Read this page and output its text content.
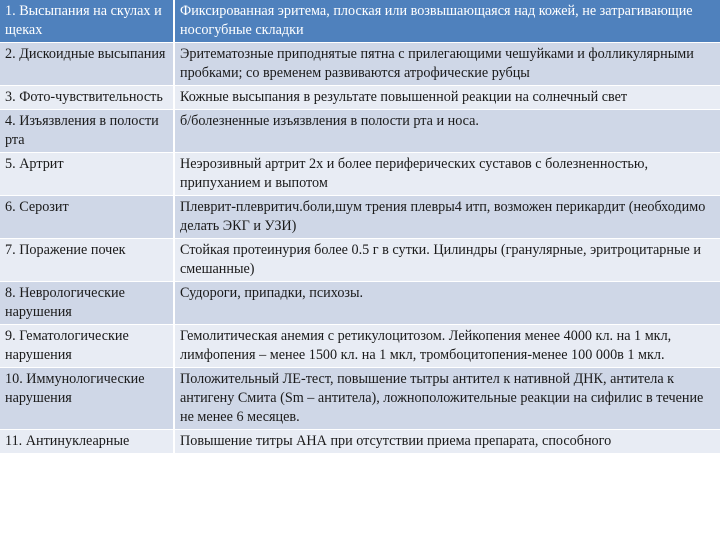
1. Высыпания на скулах и щеках	Фиксированная эритема, плоская или возвышающаяся над кожей, не затрагивающие носогубные складки
2. Дискоидные высыпания	Эритематозные приподнятые пятна с прилегающими чешуйками и фолликулярными пробками; со временем развиваются атрофические рубцы
3. Фото-чувствительность	Кожные высыпания в результате повышенной реакции на солнечный свет
4. Изъязвления в полости рта	б/болезненные изъязвления в полости рта и носа.
5. Артрит	Неэрозивный артрит 2х и более периферических суставов с болезненностью, припуханием и выпотом
6. Серозит	Плеврит-плевритич.боли,шум трения плевры4 итп, возможен перикардит (необходимо делать ЭКГ и УЗИ)
7. Поражение почек	Стойкая протеинурия более 0.5 г в сутки. Цилиндры (гранулярные, эритроцитарные и смешанные)
8. Неврологические нарушения	Судороги, припадки, психозы.
9. Гематологические нарушения	Гемолитическая анемия с ретикулоцитозом. Лейкопения менее 4000 кл. на 1 мкл, лимфопения – менее 1500 кл. на 1 мкл, тромбоцитопения-менее 100 000в 1 мкл.
10. Иммунологические нарушения	Положительный ЛЕ-тест, повышение тытры антител к нативной ДНК, антитела к антигену Смита (Sm – антитела), ложноположительные реакции на сифилис в течение не менее 6 месяцев.
11. Антинуклеарные	Повышение титры АНА при отсутствии приема препарата, способного
